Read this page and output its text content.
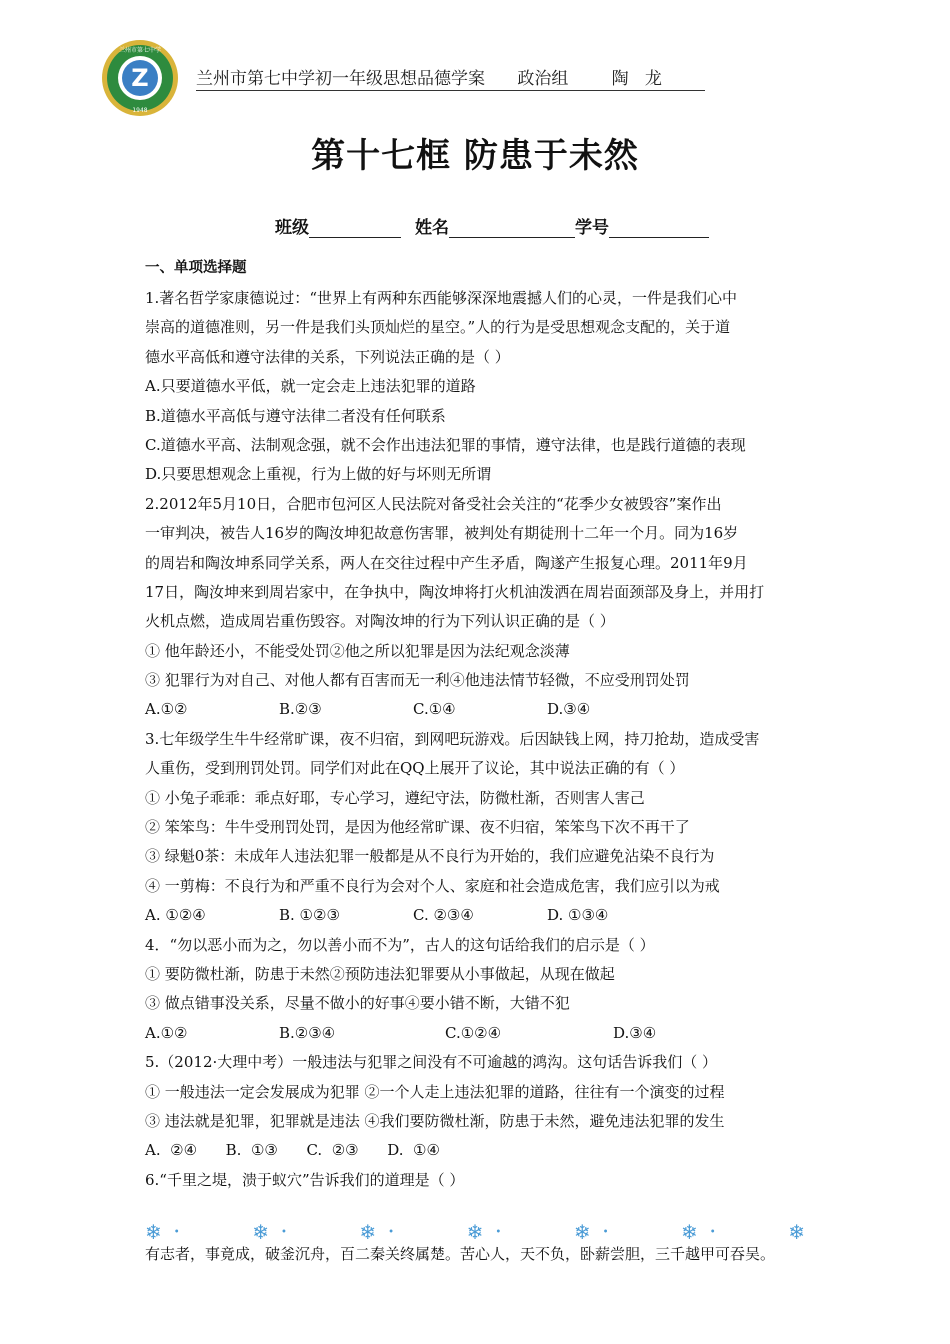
Z
1948
兰州市第七中学
兰州市第七中学初一年级思想品德学案      政治组        陶   龙
第十七框 防患于未然
班级	姓名	学号
一、单项选择题
1.著名哲学家康德说过：“世界上有两种东西能够深深地震撼人们的心灵，一件是我们心中
崇高的道德准则，另一件是我们头顶灿烂的星空。”人的行为是受思想观念支配的，关于道
德水平高低和遵守法律的关系，下列说法正确的是（ ）
A.只要道德水平低，就一定会走上违法犯罪的道路
B.道德水平高低与遵守法律二者没有任何联系
C.道德水平高、法制观念强，就不会作出违法犯罪的事情，遵守法律，也是践行道德的表现
D.只要思想观念上重视，行为上做的好与坏则无所谓
2.2012年5月10日，合肥市包河区人民法院对备受社会关注的“花季少女被毁容”案作出
一审判决，被告人16岁的陶汝坤犯故意伤害罪，被判处有期徒刑十二年一个月。同为16岁
的周岩和陶汝坤系同学关系，两人在交往过程中产生矛盾，陶遂产生报复心理。2011年9月
17日，陶汝坤来到周岩家中，在争执中，陶汝坤将打火机油泼洒在周岩面颈部及身上，并用打
火机点燃，造成周岩重伤毁容。对陶汝坤的行为下列认识正确的是（ ）
① 他年龄还小，不能受处罚②他之所以犯罪是因为法纪观念淡薄
③ 犯罪行为对自己、对他人都有百害而无一利④他违法情节轻微，不应受刑罚处罚
A.①②	B.②③	C.①④	D.③④
3.七年级学生牛牛经常旷课，夜不归宿，到网吧玩游戏。后因缺钱上网，持刀抢劫，造成受害
人重伤，受到刑罚处罚。同学们对此在QQ上展开了议论，其中说法正确的有（ ）
① 小兔子乖乖：乖点好耶，专心学习，遵纪守法，防微杜渐，否则害人害己
② 笨笨鸟：牛牛受刑罚处罚，是因为他经常旷课、夜不归宿，笨笨鸟下次不再干了
③ 绿魁0茶：未成年人违法犯罪一般都是从不良行为开始的，我们应避免沾染不良行为
④ 一剪梅：不良行为和严重不良行为会对个人、家庭和社会造成危害，我们应引以为戒
A. ①②④	B. ①②③	C. ②③④	D. ①③④
4．“勿以恶小而为之，勿以善小而不为”，古人的这句话给我们的启示是（ ）
① 要防微杜渐，防患于未然②预防违法犯罪要从小事做起，从现在做起
③ 做点错事没关系，尽量不做小的好事④要小错不断，大错不犯
A.①②	B.②③④	C.①②④	D.③④
5.（2012·大理中考）一般违法与犯罪之间没有不可逾越的鸿沟。这句话告诉我们（ ）
① 一般违法一定会发展成为犯罪 ②一个人走上违法犯罪的道路，往往有一个演变的过程
③ 违法就是犯罪，犯罪就是违法 ④我们要防微杜渐，防患于未然，避免违法犯罪的发生
A.  ②④      B.  ①③      C.  ②③      D.  ①④
6.“千里之堤，溃于蚁穴”告诉我们的道理是（ ）
❄ •	❄ •	❄ •	❄ •	❄ •	❄ •	❄
有志者，事竟成，破釜沉舟，百二秦关终属楚。苦心人，天不负，卧薪尝胆，三千越甲可吞吴。
